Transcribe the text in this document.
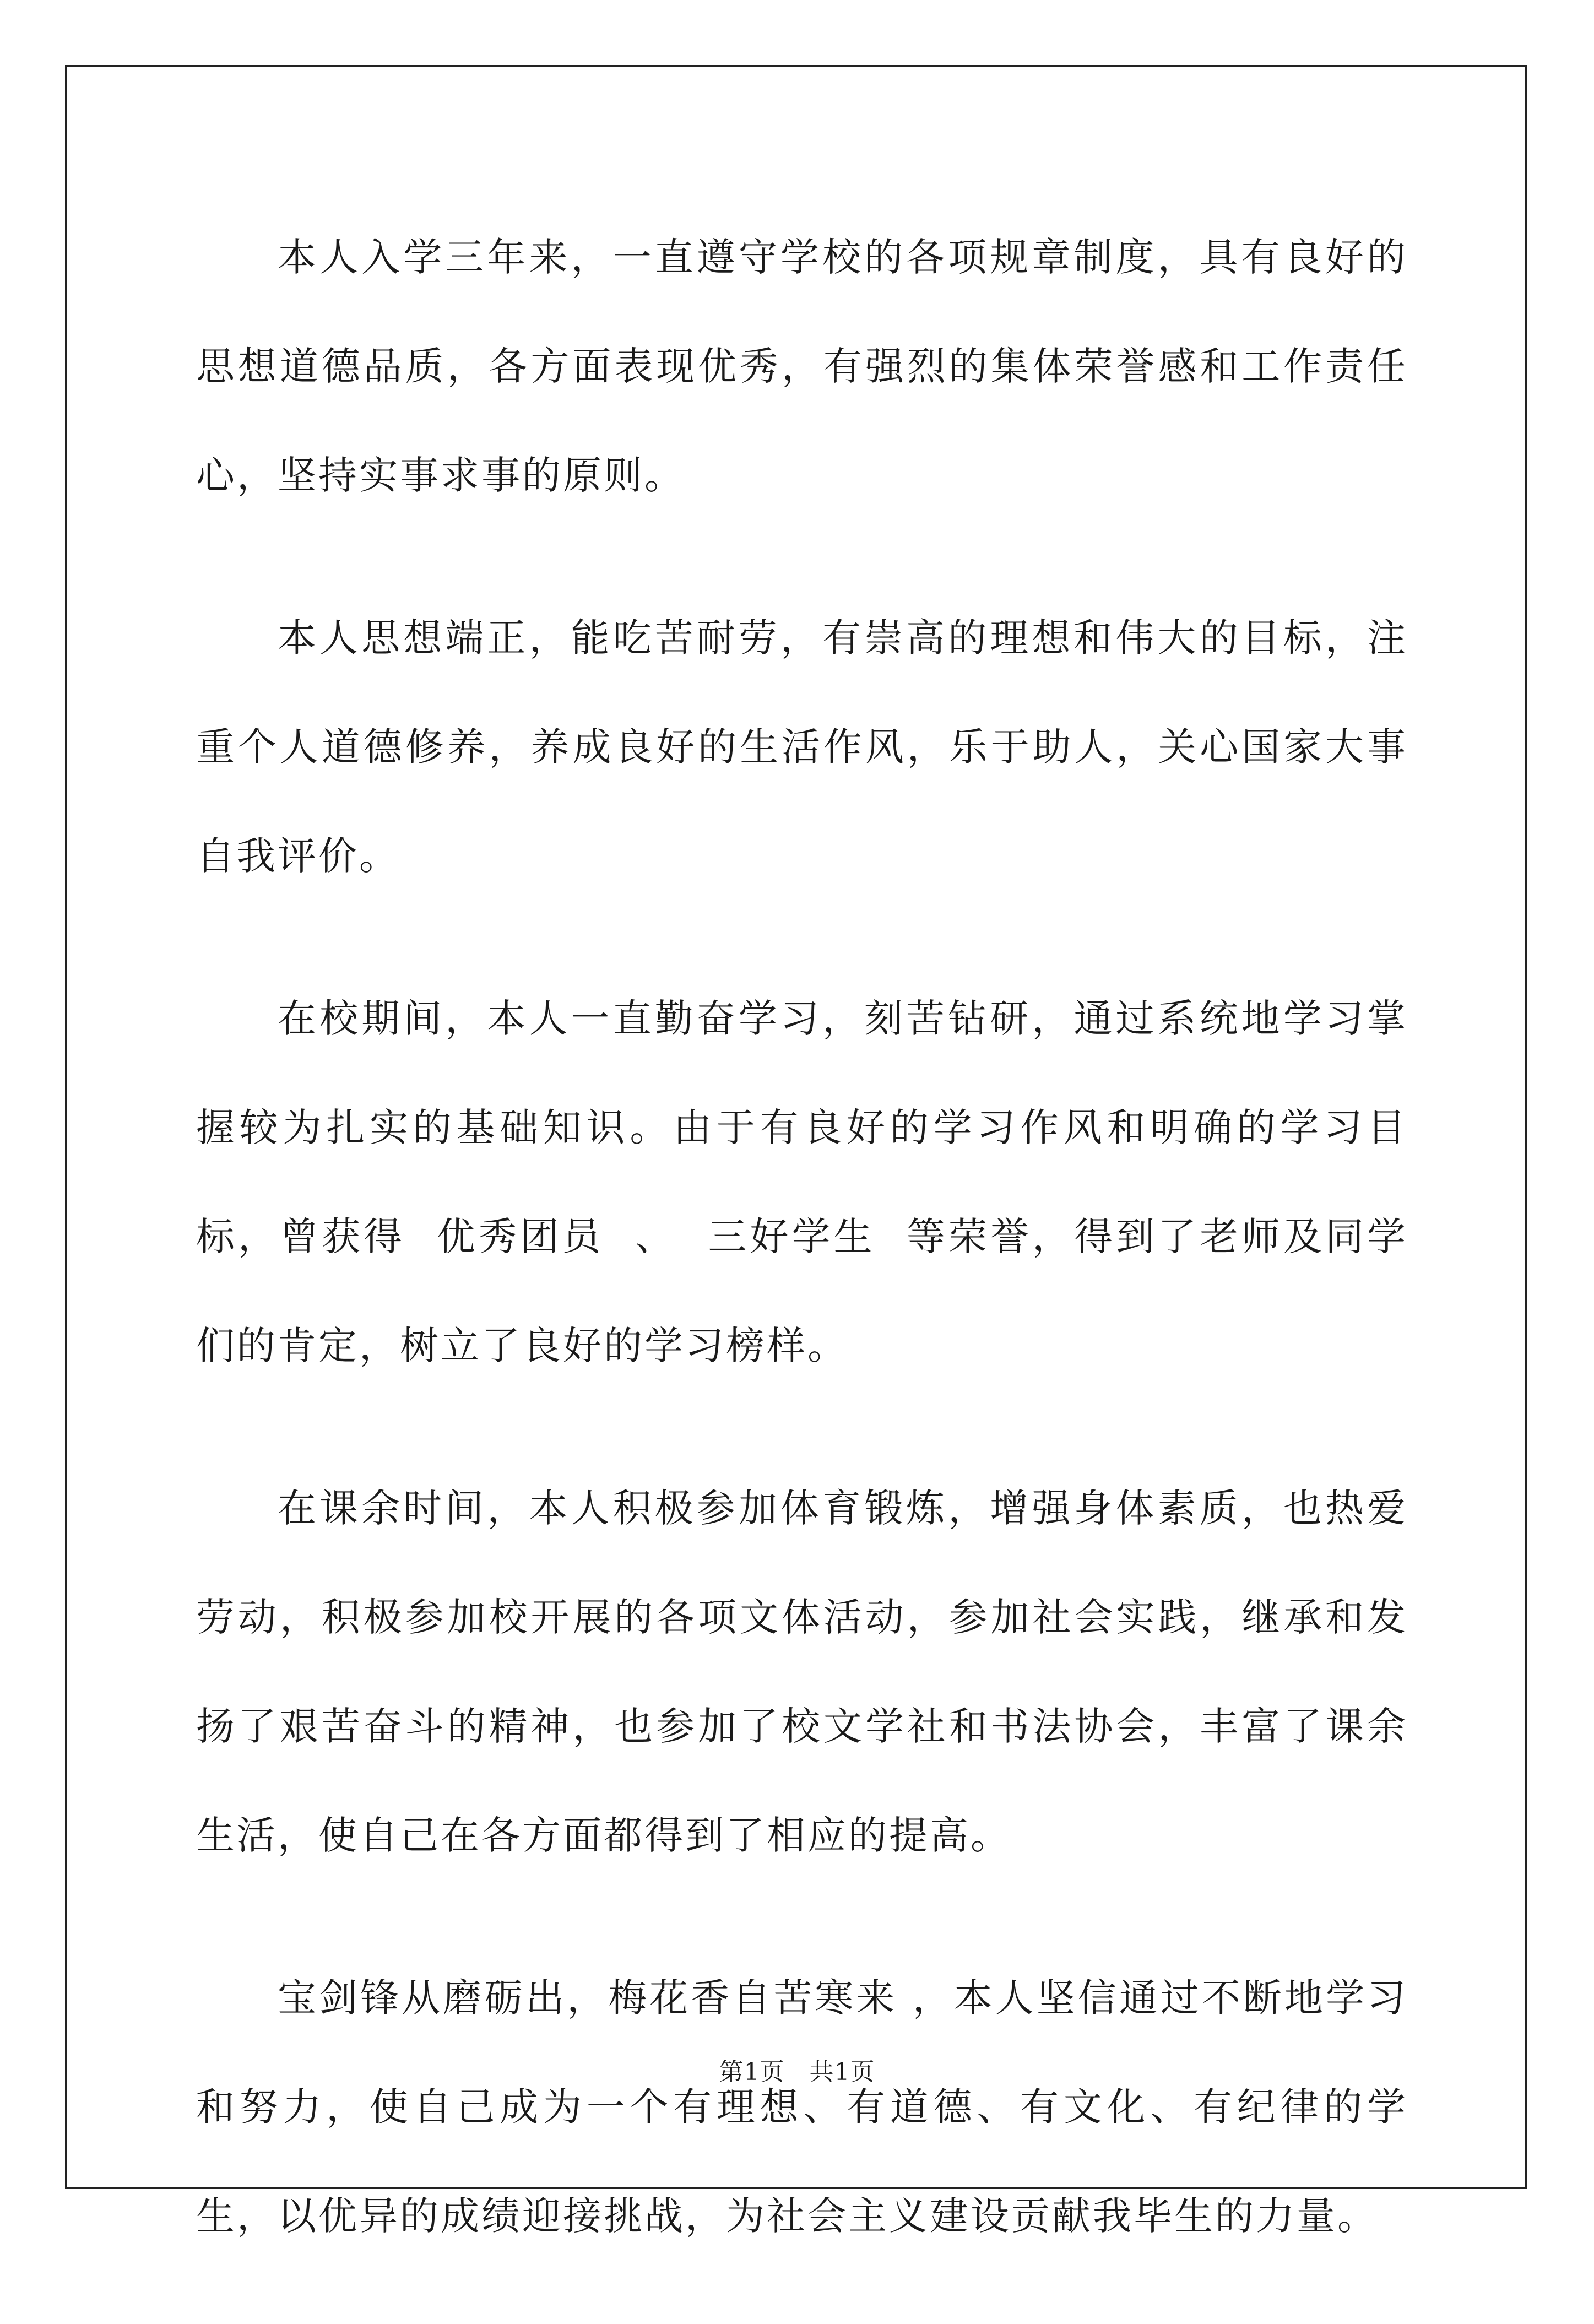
本人入学三年来，一直遵守学校的各项规章制度，具有良好的思想道德品质，各方面表现优秀，有强烈的集体荣誉感和工作责任心，坚持实事求事的原则。

本人思想端正，能吃苦耐劳，有崇高的理想和伟大的目标，注重个人道德修养，养成良好的生活作风，乐于助人，关心国家大事自我评价。

在校期间，本人一直勤奋学习，刻苦钻研，通过系统地学习掌握较为扎实的基础知识。由于有良好的学习作风和明确的学习目标，曾获得  优秀团员  、  三好学生  等荣誉，得到了老师及同学们的肯定，树立了良好的学习榜样。

在课余时间，本人积极参加体育锻炼，增强身体素质，也热爱劳动，积极参加校开展的各项文体活动，参加社会实践，继承和发扬了艰苦奋斗的精神，也参加了校文学社和书法协会，丰富了课余生活，使自己在各方面都得到了相应的提高。

宝剑锋从磨砺出，梅花香自苦寒来 ，本人坚信通过不断地学习和努力，使自己成为一个有理想、有道德、有文化、有纪律的学生，以优异的成绩迎接挑战，为社会主义建设贡献我毕生的力量。

第1页   共1页
